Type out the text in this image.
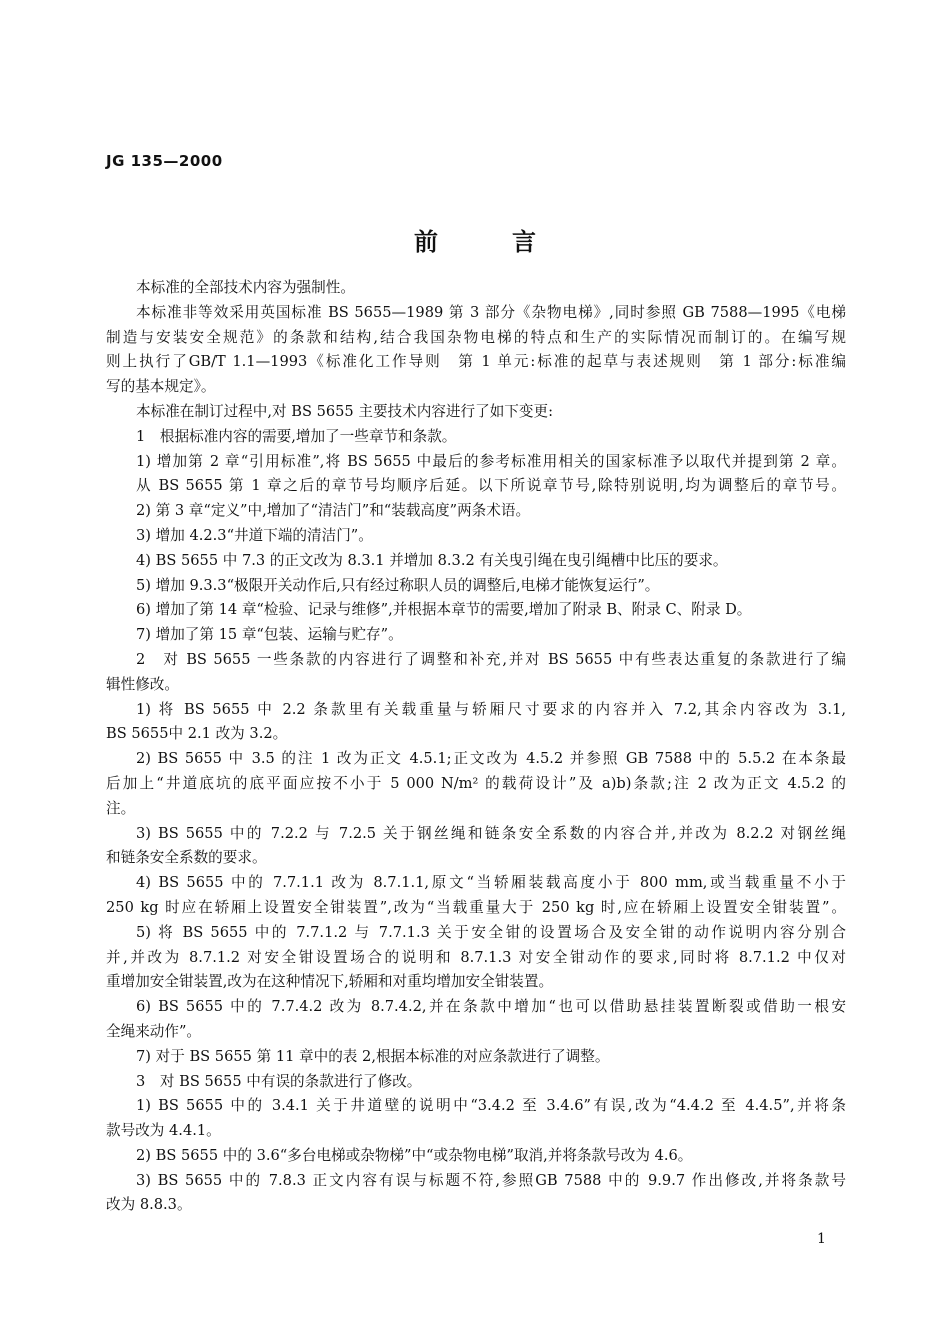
JG 135—2000
前	言
本标准的全部技术内容为强制性。
本标准非等效采用英国标准 BS 5655—1989 第 3 部分《杂物电梯》,同时参照 GB 7588—1995《电梯
制造与安装安全规范》的条款和结构,结合我国杂物电梯的特点和生产的实际情况而制订的。在编写规
则上执行了GB/T 1.1—1993《标准化工作导则　第 1 单元:标准的起草与表述规则　第 1 部分:标准编
写的基本规定》。
本标准在制订过程中,对 BS 5655 主要技术内容进行了如下变更:
1　根据标准内容的需要,增加了一些章节和条款。
1) 增加第 2 章“引用标准”,将 BS 5655 中最后的参考标准用相关的国家标准予以取代并提到第 2 章。
从 BS 5655 第 1 章之后的章节号均顺序后延。以下所说章节号,除特别说明,均为调整后的章节号。
2) 第 3 章“定义”中,增加了“清洁门”和“装载高度”两条术语。
3) 增加 4.2.3“井道下端的清洁门”。
4) BS 5655 中 7.3 的正文改为 8.3.1 并增加 8.3.2 有关曳引绳在曳引绳槽中比压的要求。
5) 增加 9.3.3“极限开关动作后,只有经过称职人员的调整后,电梯才能恢复运行”。
6) 增加了第 14 章“检验、记录与维修”,并根据本章节的需要,增加了附录 B、附录 C、附录 D。
7) 增加了第 15 章“包装、运输与贮存”。
2　对 BS 5655 一些条款的内容进行了调整和补充,并对 BS 5655 中有些表达重复的条款进行了编
辑性修改。
1) 将 BS 5655 中 2.2 条款里有关载重量与轿厢尺寸要求的内容并入 7.2,其余内容改为 3.1,
BS 5655中 2.1 改为 3.2。
2) BS 5655 中 3.5 的注 1 改为正文 4.5.1;正文改为 4.5.2 并参照 GB 7588 中的 5.5.2 在本条最
后加上“井道底坑的底平面应按不小于 5 000 N/m² 的载荷设计”及 a)b)条款;注 2 改为正文 4.5.2 的
注。
3) BS 5655 中的 7.2.2 与 7.2.5 关于钢丝绳和链条安全系数的内容合并,并改为 8.2.2 对钢丝绳
和链条安全系数的要求。
4) BS 5655 中的 7.7.1.1 改为 8.7.1.1,原文“当轿厢装载高度小于 800 mm,或当载重量不小于
250 kg 时应在轿厢上设置安全钳装置”,改为“当载重量大于 250 kg 时,应在轿厢上设置安全钳装置”。
5) 将 BS 5655 中的 7.7.1.2 与 7.7.1.3 关于安全钳的设置场合及安全钳的动作说明内容分别合
并,并改为 8.7.1.2 对安全钳设置场合的说明和 8.7.1.3 对安全钳动作的要求,同时将 8.7.1.2 中仅对
重增加安全钳装置,改为在这种情况下,轿厢和对重均增加安全钳装置。
6) BS 5655 中的 7.7.4.2 改为 8.7.4.2,并在条款中增加“也可以借助悬挂装置断裂或借助一根安
全绳来动作”。
7) 对于 BS 5655 第 11 章中的表 2,根据本标准的对应条款进行了调整。
3　对 BS 5655 中有误的条款进行了修改。
1) BS 5655 中的 3.4.1 关于井道壁的说明中“3.4.2 至 3.4.6”有误,改为“4.4.2 至 4.4.5”,并将条
款号改为 4.4.1。
2) BS 5655 中的 3.6“多台电梯或杂物梯”中“或杂物电梯”取消,并将条款号改为 4.6。
3) BS 5655 中的 7.8.3 正文内容有误与标题不符,参照GB 7588 中的 9.9.7 作出修改,并将条款号
改为 8.8.3。
1
